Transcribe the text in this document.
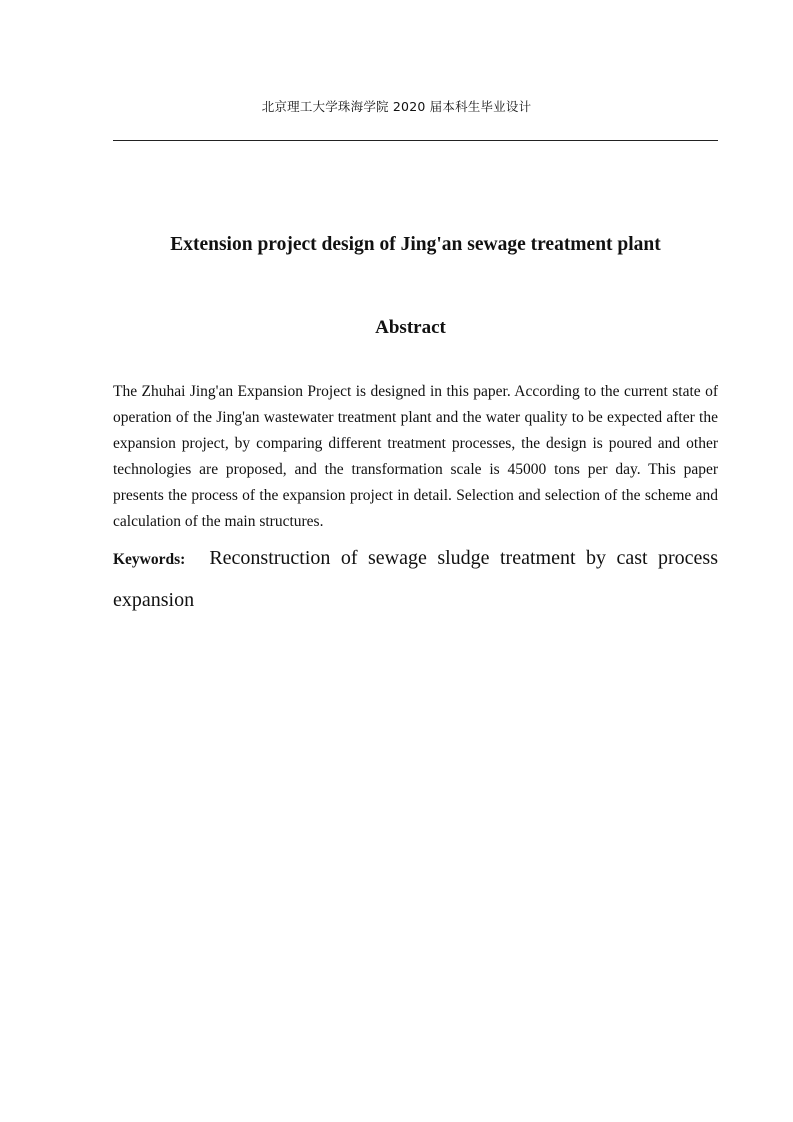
北京理工大学珠海学院 2020 届本科生毕业设计
Extension project design of Jing'an sewage treatment plant
Abstract

The Zhuhai Jing'an Expansion Project is designed in this paper. According to the current state of operation of the Jing'an wastewater treatment plant and the water quality to be expected after the expansion project, by comparing different treatment processes, the design is poured and other technologies are proposed, and the transformation scale is 45000 tons per day. This paper presents the process of the expansion project in detail. Selection and selection of the scheme and calculation of the main structures.

Keywords: Reconstruction of sewage sludge treatment by cast process expansion
